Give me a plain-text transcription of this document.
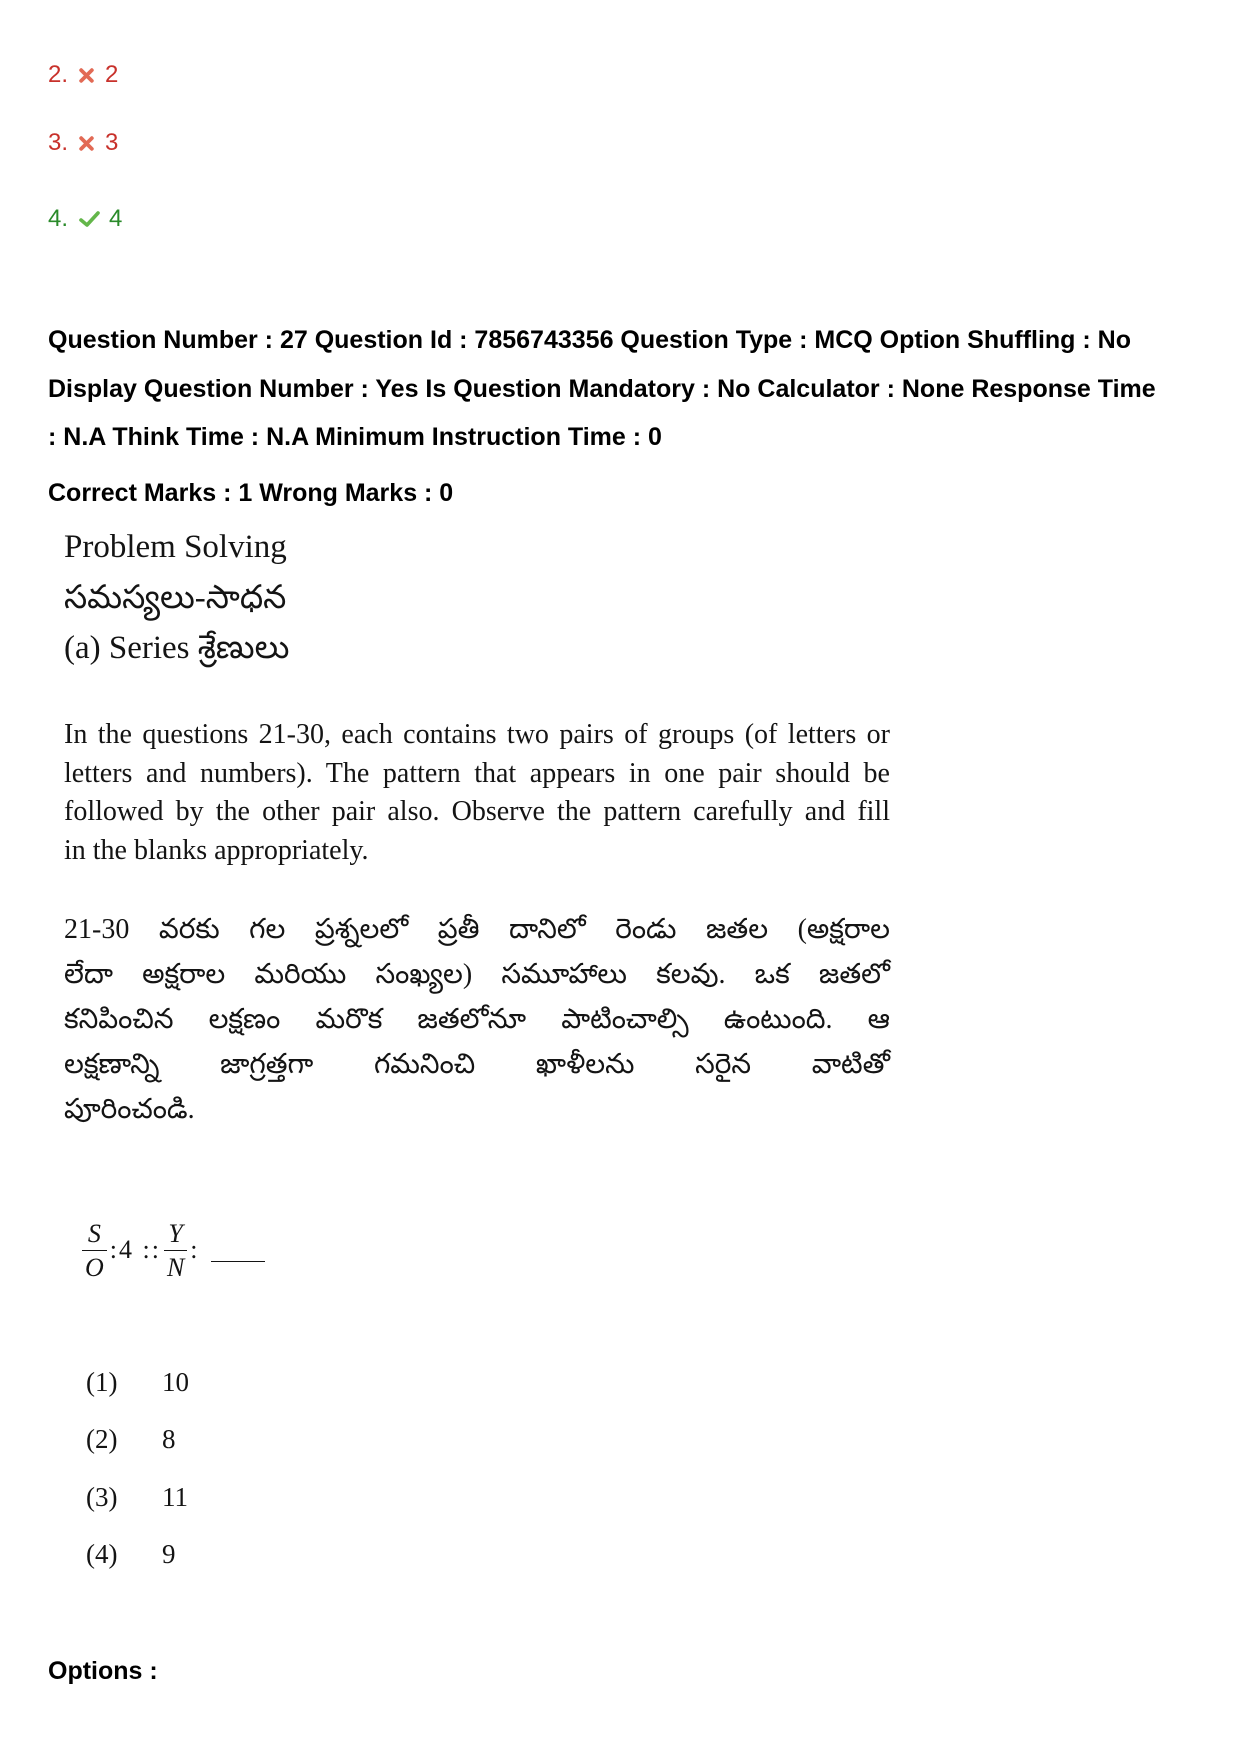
2. 2
3. 3
4. 4
Question Number : 27 Question Id : 7856743356 Question Type : MCQ Option Shuffling : No
Display Question Number : Yes Is Question Mandatory : No Calculator : None Response Time
: N.A Think Time : N.A Minimum Instruction Time : 0
Correct Marks : 1 Wrong Marks : 0
Problem Solving
సమస్యలు-సాధన
(a) Series శ్రేణులు
In the questions 21-30, each contains two pairs of groups (of letters or
letters and numbers). The pattern that appears in one pair should be
followed by the other pair also. Observe the pattern carefully and fill
in the blanks appropriately.
21-30 వరకు గల ప్రశ్నలలో ప్రతీ దానిలో రెండు జతల (అక్షరాల
లేదా అక్షరాల మరియు సంఖ్యల) సమూహాలు కలవు. ఒక జతలో
కనిపించిన లక్షణం మరొక జతలోనూ పాటించాల్సి ఉంటుంది. ఆ
లక్షణాన్ని జాగ్రత్తగా గమనించి ఖాళీలను సరైన వాటితో
పూరించండి.
$\frac{S}{O}$ :4 :: $\frac{Y}{N}$ :
(1) 10
(2) 8
(3) 11
(4) 9
Options :
